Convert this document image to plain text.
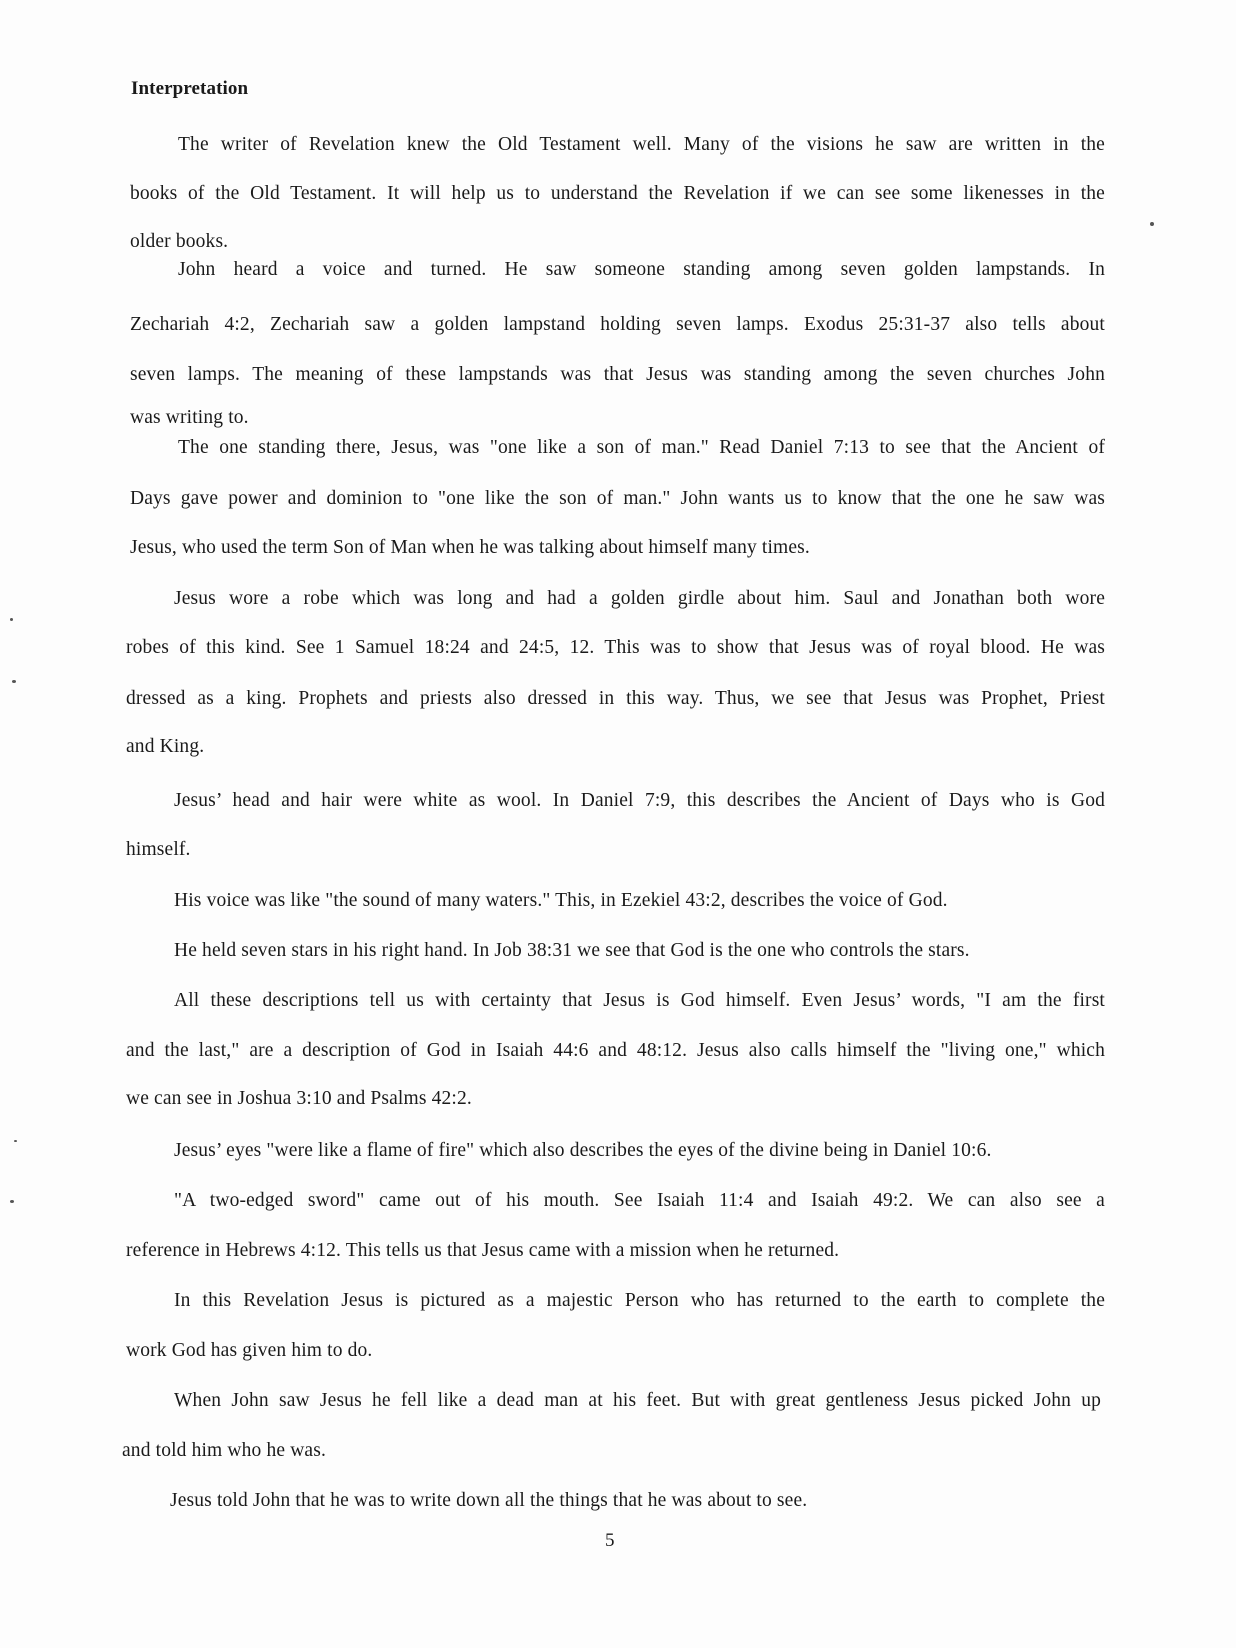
Interpretation
The writer of Revelation knew the Old Testament well. Many of the visions he saw are written in the
books of the Old Testament. It will help us to understand the Revelation if we can see some likenesses in the
older books.
John heard a voice and turned. He saw someone standing among seven golden lampstands. In
Zechariah 4:2, Zechariah saw a golden lampstand holding seven lamps. Exodus 25:31-37 also tells about
seven lamps. The meaning of these lampstands was that Jesus was standing among the seven churches John
was writing to.
The one standing there, Jesus, was "one like a son of man." Read Daniel 7:13 to see that the Ancient of
Days gave power and dominion to "one like the son of man." John wants us to know that the one he saw was
Jesus, who used the term Son of Man when he was talking about himself many times.
Jesus wore a robe which was long and had a golden girdle about him. Saul and Jonathan both wore
robes of this kind. See 1 Samuel 18:24 and 24:5, 12. This was to show that Jesus was of royal blood. He was
dressed as a king. Prophets and priests also dressed in this way. Thus, we see that Jesus was Prophet, Priest
and King.
Jesus’ head and hair were white as wool. In Daniel 7:9, this describes the Ancient of Days who is God
himself.
His voice was like "the sound of many waters." This, in Ezekiel 43:2, describes the voice of God.
He held seven stars in his right hand. In Job 38:31 we see that God is the one who controls the stars.
All these descriptions tell us with certainty that Jesus is God himself. Even Jesus’ words, "I am the first
and the last," are a description of God in Isaiah 44:6 and 48:12. Jesus also calls himself the "living one," which
we can see in Joshua 3:10 and Psalms 42:2.
Jesus’ eyes "were like a flame of fire" which also describes the eyes of the divine being in Daniel 10:6.
"A two-edged sword" came out of his mouth. See Isaiah 11:4 and Isaiah 49:2. We can also see a
reference in Hebrews 4:12. This tells us that Jesus came with a mission when he returned.
In this Revelation Jesus is pictured as a majestic Person who has returned to the earth to complete the
work God has given him to do.
When John saw Jesus he fell like a dead man at his feet. But with great gentleness Jesus picked John up
and told him who he was.
Jesus told John that he was to write down all the things that he was about to see.
5
